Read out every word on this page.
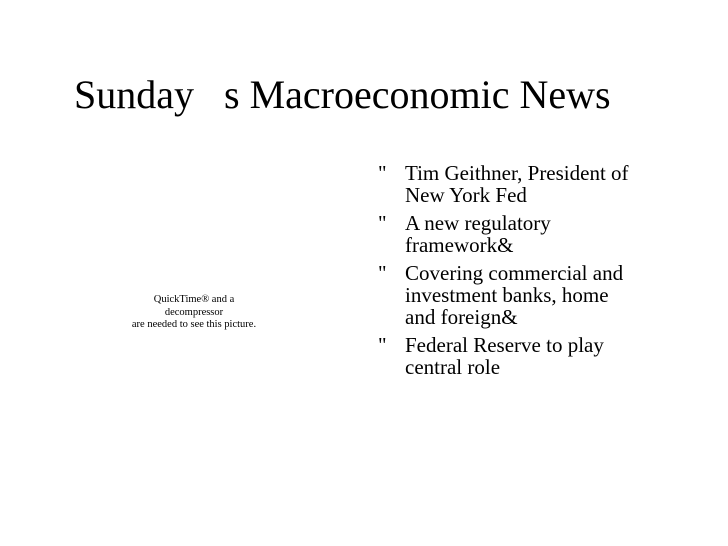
Sunday   s Macroeconomic News
QuickTime® and a
decompressor
are needed to see this picture.
" Tim Geithner, President of
New York Fed
" A new regulatory
framework&
" Covering commercial and
investment banks, home
and foreign&
" Federal Reserve to play
central role
